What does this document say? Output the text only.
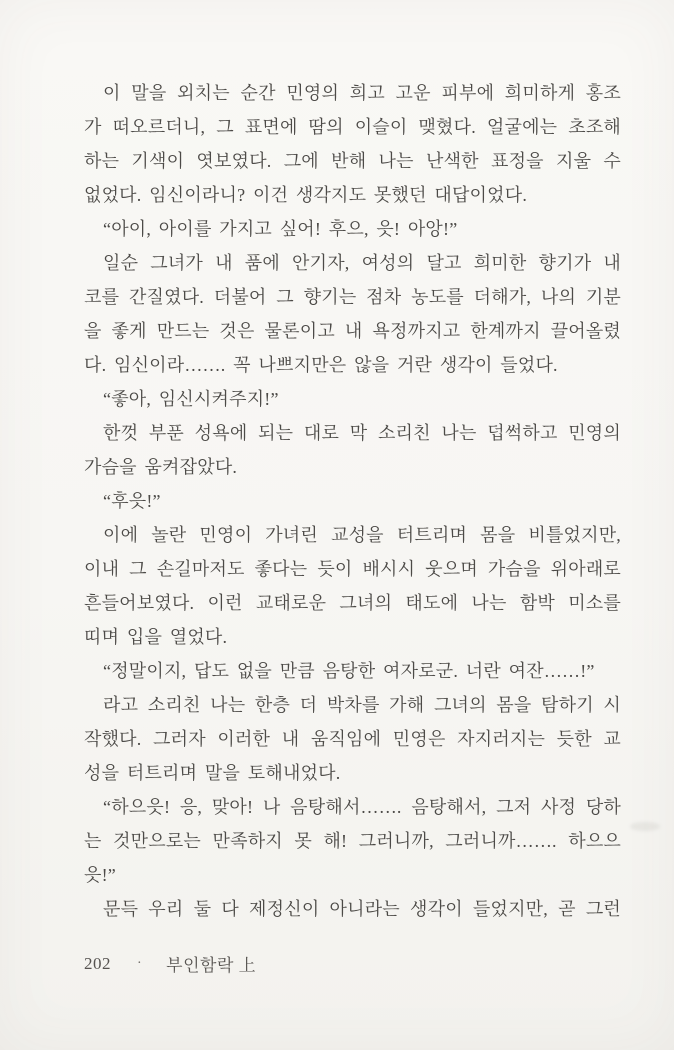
이 말을 외치는 순간 민영의 희고 고운 피부에 희미하게 홍조
가 떠오르더니, 그 표면에 땀의 이슬이 맺혔다. 얼굴에는 초조해
하는 기색이 엿보였다. 그에 반해 나는 난색한 표정을 지울 수
없었다. 임신이라니? 이건 생각지도 못했던 대답이었다.
“아이, 아이를 가지고 싶어! 후으, 읏! 아앙!”
일순 그녀가 내 품에 안기자, 여성의 달고 희미한 향기가 내
코를 간질였다. 더불어 그 향기는 점차 농도를 더해가, 나의 기분
을 좋게 만드는 것은 물론이고 내 욕정까지고 한계까지 끌어올렸
다. 임신이라……. 꼭 나쁘지만은 않을 거란 생각이 들었다.
“좋아, 임신시켜주지!”
한껏 부푼 성욕에 되는 대로 막 소리친 나는 덥썩하고 민영의
가슴을 움켜잡았다.
“후읏!”
이에 놀란 민영이 가녀린 교성을 터트리며 몸을 비틀었지만,
이내 그 손길마저도 좋다는 듯이 배시시 웃으며 가슴을 위아래로
흔들어보였다. 이런 교태로운 그녀의 태도에 나는 함박 미소를
띠며 입을 열었다.
“정말이지, 답도 없을 만큼 음탕한 여자로군. 너란 여잔……!”
라고 소리친 나는 한층 더 박차를 가해 그녀의 몸을 탐하기 시
작했다. 그러자 이러한 내 움직임에 민영은 자지러지는 듯한 교
성을 터트리며 말을 토해내었다.
“하으읏! 응, 맞아! 나 음탕해서……. 음탕해서, 그저 사정 당하
는 것만으로는 만족하지 못 해! 그러니까, 그러니까……. 하으으
읏!”
문득 우리 둘 다 제정신이 아니라는 생각이 들었지만, 곧 그런
202 · 부인함락 上
